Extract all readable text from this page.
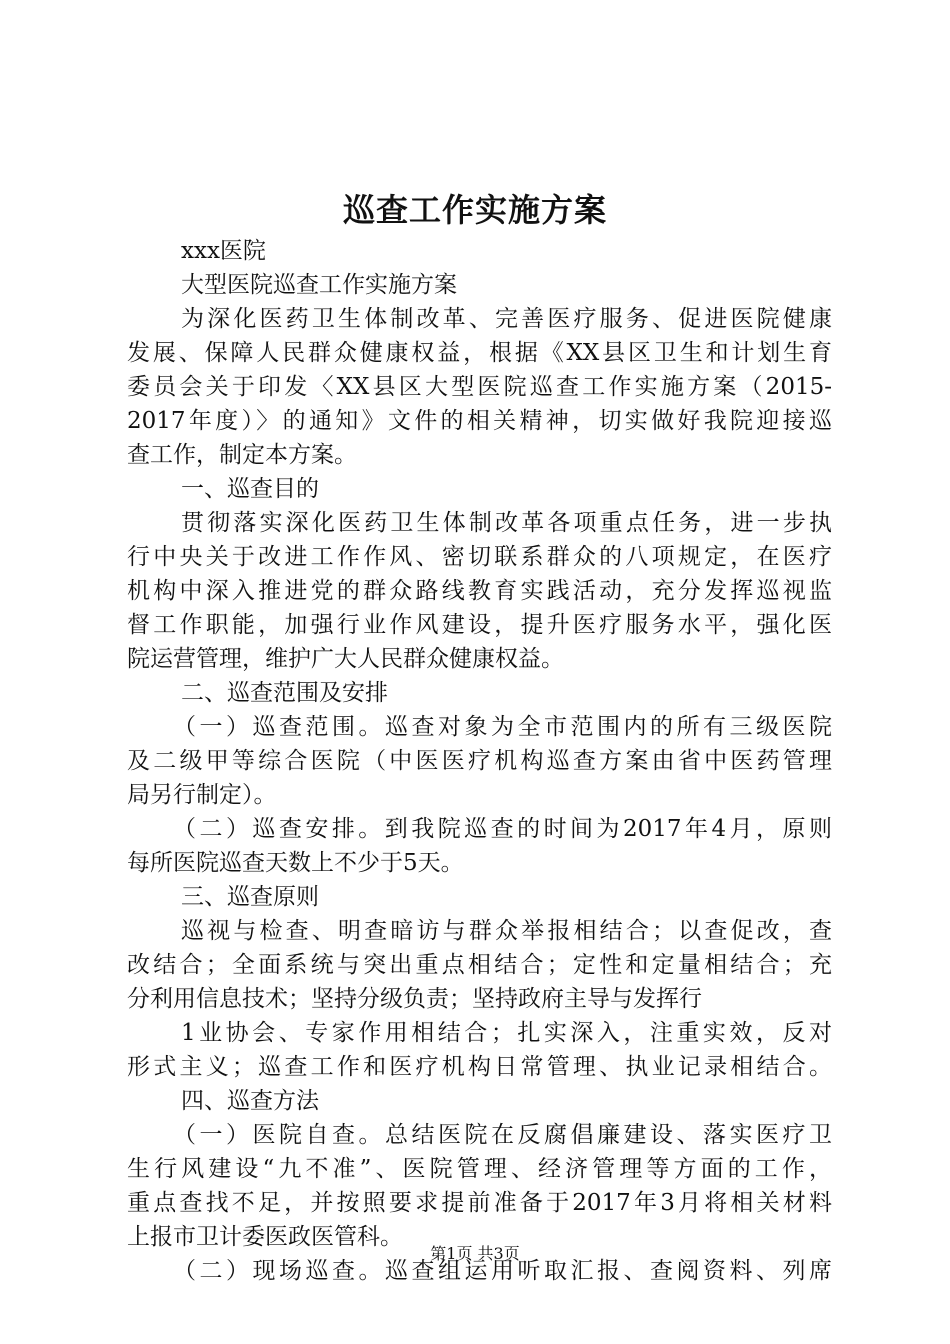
巡查工作实施方案
xxx医院
大型医院巡查工作实施方案
为深化医药卫生体制改革、完善医疗服务、促进医院健康
发展、保障人民群众健康权益，根据《XX县区卫生和计划生育
委员会关于印发〈XX县区大型医院巡查工作实施方案（2015-
2017年度）〉的通知》文件的相关精神，切实做好我院迎接巡
查工作，制定本方案。
一、巡查目的
贯彻落实深化医药卫生体制改革各项重点任务，进一步执
行中央关于改进工作作风、密切联系群众的八项规定，在医疗
机构中深入推进党的群众路线教育实践活动，充分发挥巡视监
督工作职能，加强行业作风建设，提升医疗服务水平，强化医
院运营管理，维护广大人民群众健康权益。
二、巡查范围及安排
（一）巡查范围。巡查对象为全市范围内的所有三级医院
及二级甲等综合医院（中医医疗机构巡查方案由省中医药管理
局另行制定）。
（二）巡查安排。到我院巡查的时间为2017年4月，原则
每所医院巡查天数上不少于5天。
三、巡查原则
巡视与检查、明查暗访与群众举报相结合；以查促改，查
改结合；全面系统与突出重点相结合；定性和定量相结合；充
分利用信息技术；坚持分级负责；坚持政府主导与发挥行
1业协会、专家作用相结合；扎实深入，注重实效，反对
形式主义；巡查工作和医疗机构日常管理、执业记录相结合。
四、巡查方法
（一）医院自查。总结医院在反腐倡廉建设、落实医疗卫
生行风建设“九不准”、医院管理、经济管理等方面的工作，
重点查找不足，并按照要求提前准备于2017年3月将相关材料
上报市卫计委医政医管科。
（二）现场巡查。巡查组运用听取汇报、查阅资料、列席
第1页 共3页
